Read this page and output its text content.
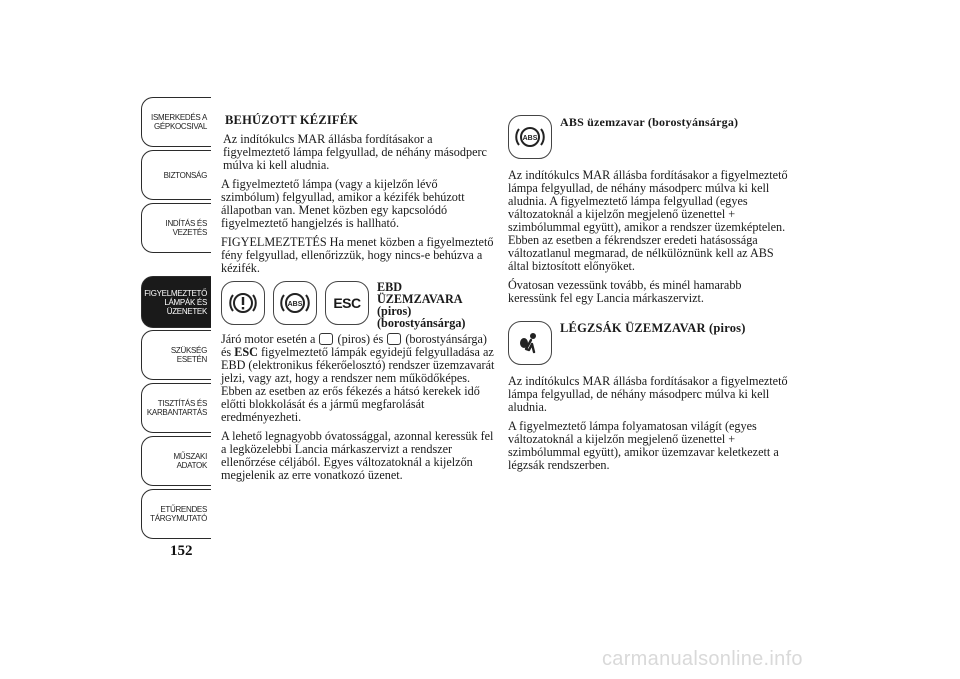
ISMERKEDÉS A
GÉPKOCSIVAL
BIZTONSÁG
INDÍTÁS ÉS
VEZETÉS
FIGYELMEZTETŐ
LÁMPÁK ÉS
ÜZENETEK
SZÜKSÉG ESETÉN
TISZTÍTÁS ÉS
KARBANTARTÁS
MŰSZAKI ADATOK
ETŰRENDES
TÁRGYMUTATÓ
152
BEHÚZOTT KÉZIFÉK

Az indítókulcs MAR állásba fordításakor a figyelmeztető lámpa felgyullad, de néhány másodperc múlva ki kell aludnia.

A figyelmeztető lámpa (vagy a kijelzőn lévő szimbólum) felgyullad, amikor a kézifék behúzott állapotban van. Menet közben egy kapcsolódó figyelmeztető hangjelzés is hallható.

FIGYELMEZTETÉS Ha menet közben a figyelmeztető fény felgyullad, ellenőrizzük, hogy nincs-e behúzva a kézifék.

ABS ESC
EBD
ÜZEMZAVARA
(piros)
(borostyánsárga)

Járó motor esetén a (piros) és (borostyánsárga) és ESC figyelmeztető lámpák egyidejű felgyulladása az EBD (elektronikus fékerőelosztó) rendszer üzemzavarát jelzi, vagy azt, hogy a rendszer nem működőképes. Ebben az esetben az erős fékezés a hátsó kerekek idő előtti blokkolását és a jármű megfarolását eredményezheti.

A lehető legnagyobb óvatossággal, azonnal keressük fel a legközelebbi Lancia márkaszervizt a rendszer ellenőrzése céljából. Egyes változatoknál a kijelzőn megjelenik az erre vonatkozó üzenet.

ABS
ABS üzemzavar (borostyánsárga)

Az indítókulcs MAR állásba fordításakor a figyelmeztető lámpa felgyullad, de néhány másodperc múlva ki kell aludnia. A figyelmeztető lámpa felgyullad (egyes változatoknál a kijelzőn megjelenő üzenettel + szimbólummal együtt), amikor a rendszer üzemképtelen. Ebben az esetben a fékrendszer eredeti hatásossága változatlanul megmarad, de nélkülöznünk kell az ABS által biztosított előnyöket.

Óvatosan vezessünk tovább, és minél hamarabb keressünk fel egy Lancia márkaszervizt.

LÉGZSÁK ÜZEMZAVAR (piros)

Az indítókulcs MAR állásba fordításakor a figyelmeztető lámpa felgyullad, de néhány másodperc múlva ki kell aludnia.

A figyelmeztető lámpa folyamatosan világít (egyes változatoknál a kijelzőn megjelenő üzenettel + szimbólummal együtt), amikor üzemzavar keletkezett a légzsák rendszerben.

carmanualsonline.info
